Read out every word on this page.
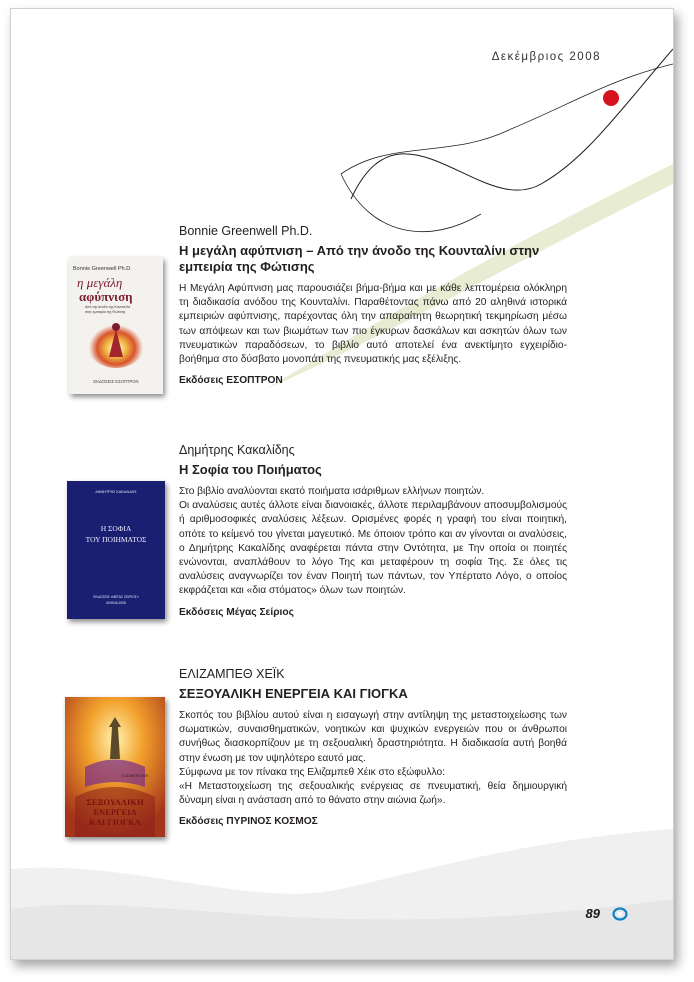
Δεκέμβριος 2008
Bonnie Greenwell Ph.D.
η μεγάλη
αφύπνιση
Από την άνοδο της Κουνταλίνι
στην εμπειρία της Φώτισης
ΕΚΔΟΣΕΙΣ ΕΣΟΠΤΡΟΝ
Bonnie Greenwell Ph.D.
Η μεγάλη αφύπνιση – Από την άνοδο της Κουνταλίνι στην εμπειρία της Φώτισης

Η Μεγάλη Αφύπνιση μας παρουσιάζει βήμα-βήμα και με κάθε λεπτομέρεια ολόκληρη τη διαδικασία ανόδου της Κουνταλίνι. Παραθέτοντας πάνω από 20 αληθινά ιστορικά εμπειριών αφύπνισης, παρέχοντας όλη την απαραίτητη θεωρητική τεκμηρίωση μέσω των απόψεων και των βιωμάτων των πιο έγκυρων δασκάλων και ασκητών όλων των πνευματικών παραδόσεων, το βιβλίο αυτό αποτελεί ένα ανεκτίμητο εγχειρίδιο-βοήθημα στο δύσβατο μονοπάτι της πνευματικής μας εξέλιξης.

Εκδόσεις ΕΣΟΠΤΡΟΝ
ΔΗΜΗΤΡΗΣ ΚΑΚΑΛΙΔΗΣ
Η ΣΟΦΙΑ
ΤΟΥ ΠΟΙΗΜΑΤΟΣ
ΕΚΔΟΣΕΙΣ «ΜΕΓΑΣ ΣΕΙΡΙΟΣ»
ΑΘΗΝΑ 2008
Δημήτρης Κακαλίδης
Η Σοφία του Ποιήματος

Στο βιβλίο αναλύονται εκατό ποιήματα ισάριθμων ελλήνων ποιητών.

Οι αναλύσεις αυτές άλλοτε είναι διανοιακές, άλλοτε περιλαμβάνουν αποσυμβολισμούς ή αριθμοσοφικές αναλύσεις λέξεων. Ορισμένες φορές η γραφή του είναι ποιητική, οπότε το κείμενό του γίνεται μαγευτικό. Με όποιον τρόπο και αν γίνονται οι αναλύσεις, ο Δημήτρης Κακαλίδης αναφέρεται πάντα στην Οντότητα, με Την οποία οι ποιητές ενώνονται, αναπλάθουν το λόγο Της και μεταφέρουν τη σοφία Της. Σε όλες τις αναλύσεις αναγνωρίζει τον έναν Ποιητή των πάντων, τον Υπέρτατο Λόγο, ο οποίος εκφράζεται και «δια στόματος» όλων των ποιητών.

Εκδόσεις Μέγας Σείριος
ΕΛΙΖΑΜΠΕΘ ΧΕΪΚ
ΣΕΞΟΥΑΛΙΚΗ
ΕΝΕΡΓΕΙΑ
ΚΑΙ ΓΙΟΓΚΑ
ΕΛΙΖΑΜΠΕΘ ΧΕΪΚ
ΣΕΞΟΥΑΛΙΚΗ ΕΝΕΡΓΕΙΑ ΚΑΙ ΓΙΟΓΚΑ

Σκοπός του βιβλίου αυτού είναι η εισαγωγή στην αντίληψη της μεταστοιχείωσης των σωματικών, συναισθηματικών, νοητικών και ψυχικών ενεργειών που οι άνθρωποι συνήθως διασκορπίζουν με τη σεξουαλική δραστηριότητα. Η διαδικασία αυτή βοηθά στην ένωση με τον υψηλότερο εαυτό μας.

Σύμφωνα με τον πίνακα της Ελιζαμπεθ Χέικ στο εξώφυλλο:

«Η Μεταστοιχείωση της σεξουαλικής ενέργειας σε πνευματική, θεία δημιουργική δύναμη είναι η ανάσταση από το θάνατο στην αιώνια ζωή».

Εκδόσεις ΠΥΡΙΝΟΣ ΚΟΣΜΟΣ
89
